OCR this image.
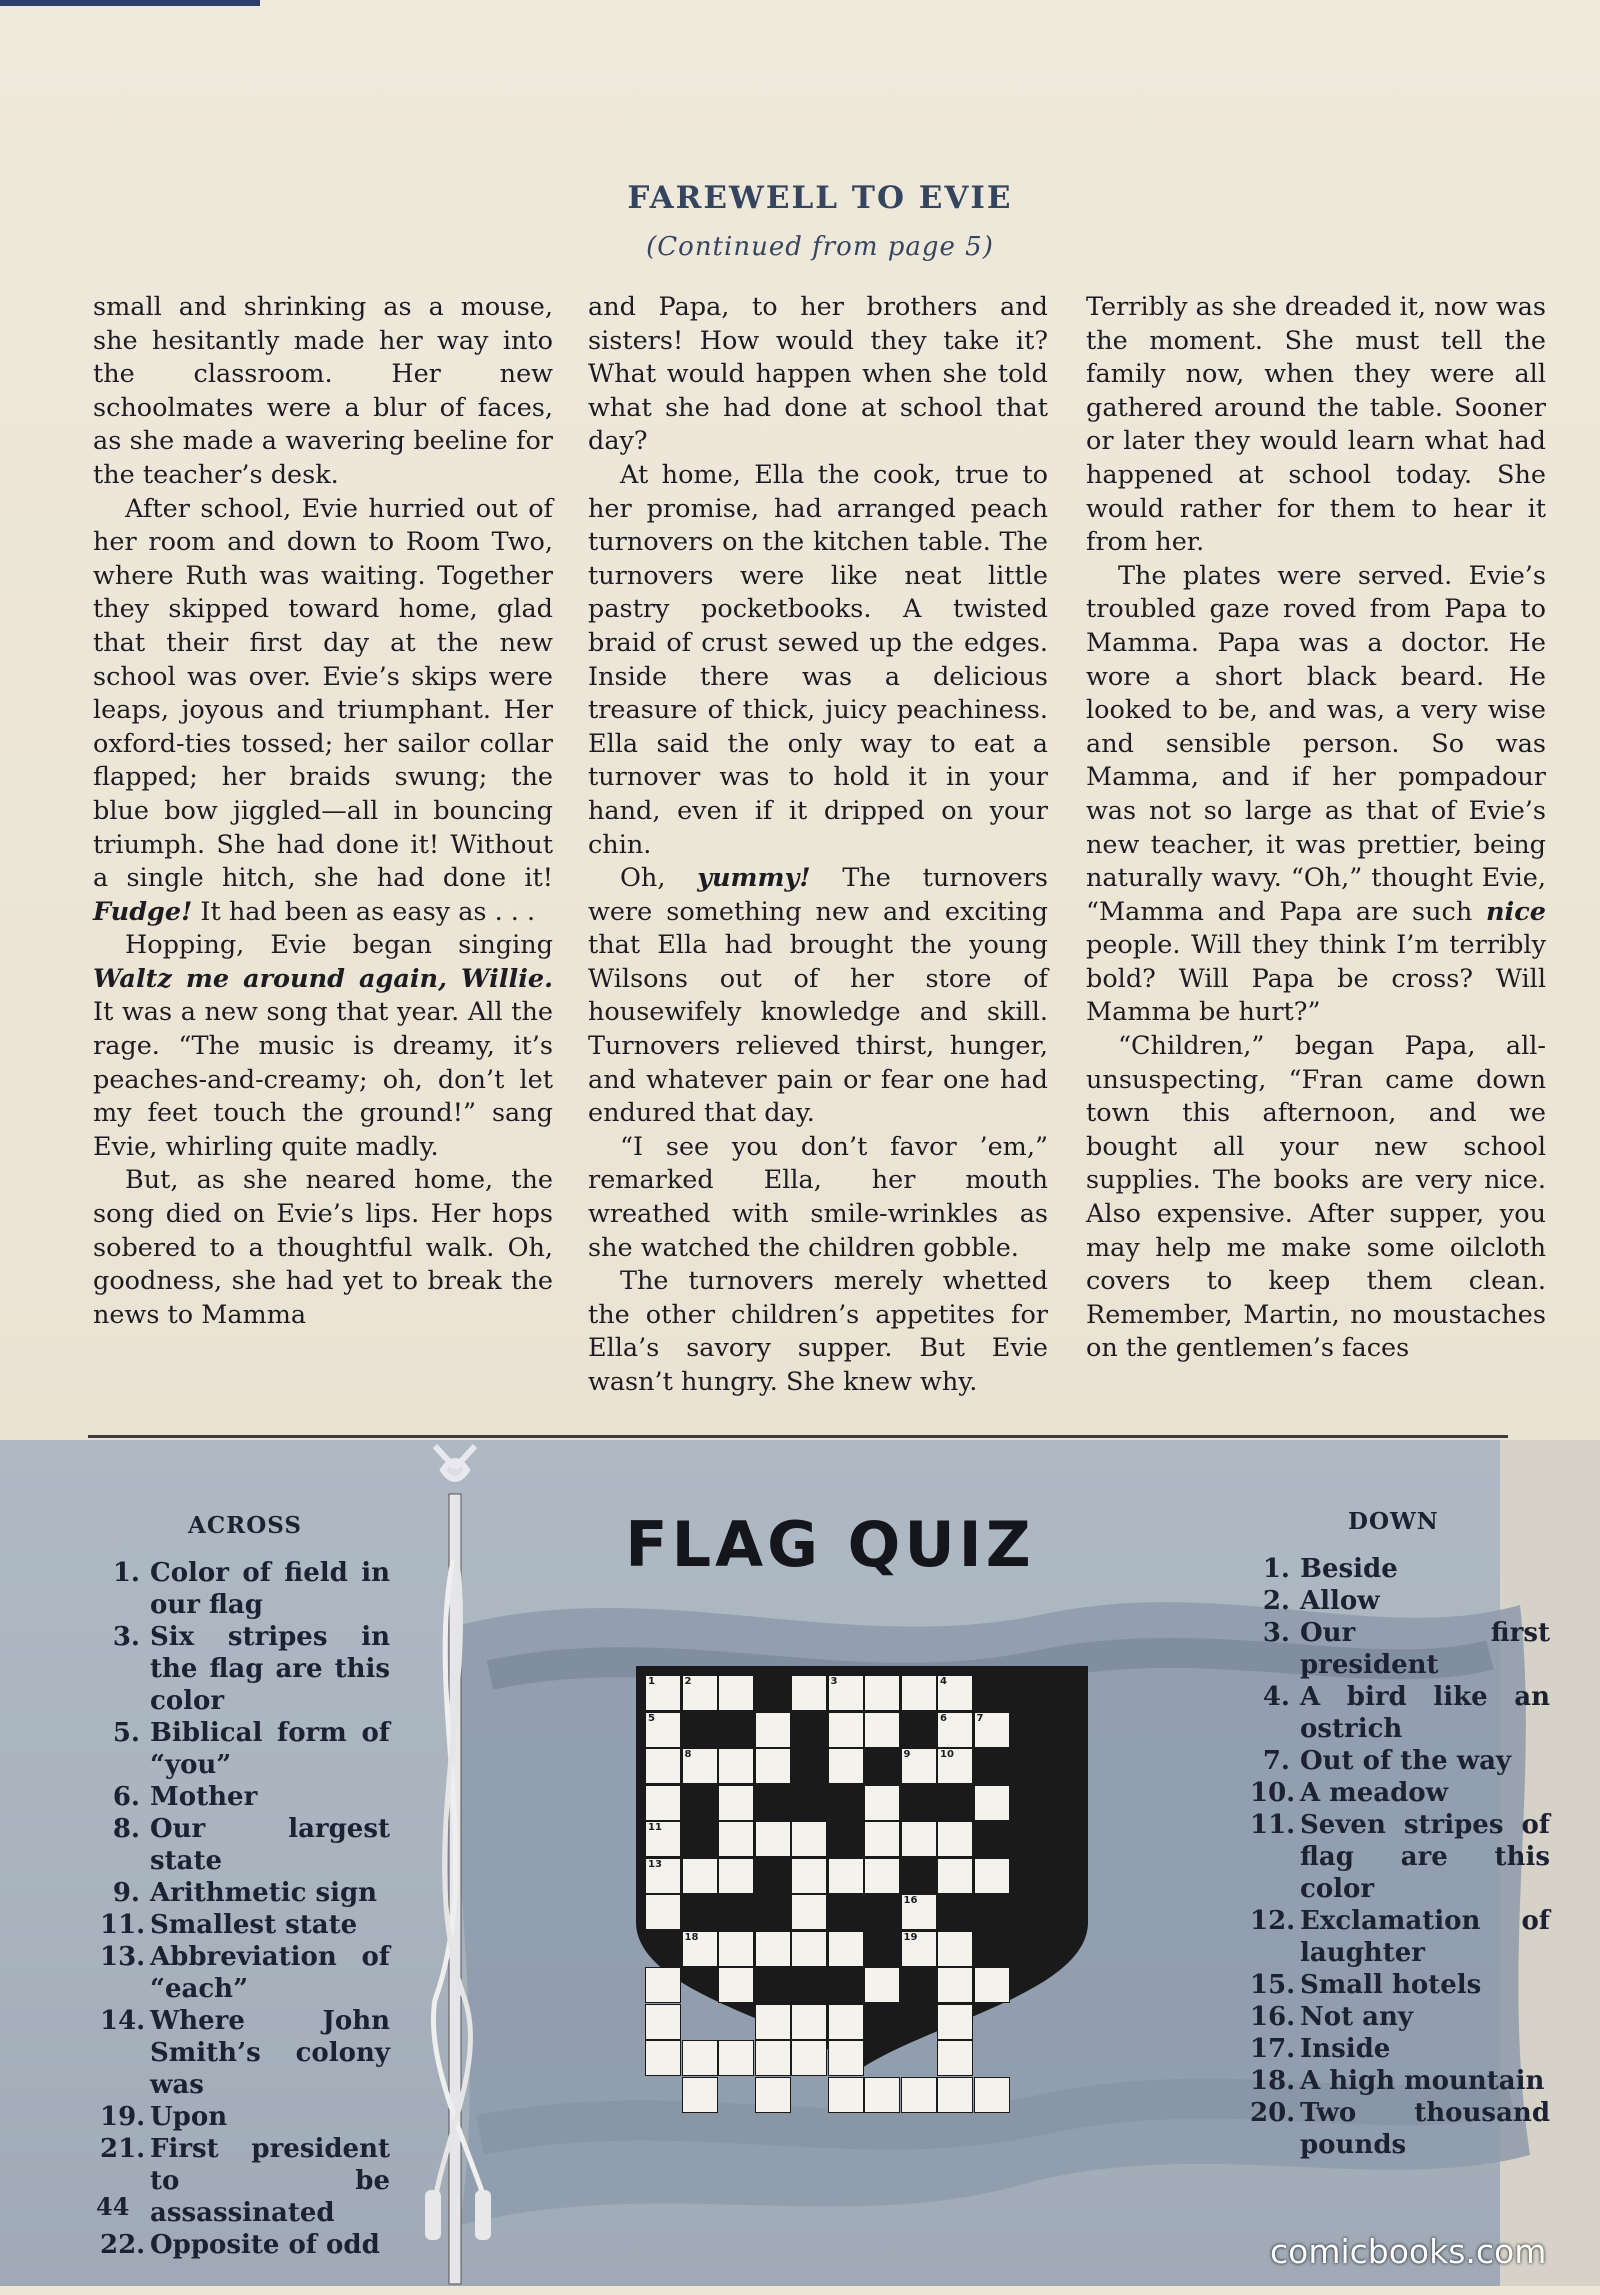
FAREWELL TO EVIE
(Continued from page 5)

small and shrinking as a mouse, she hesitantly made her way into the classroom. Her new schoolmates were a blur of faces, as she made a wavering beeline for the teacher’s desk.

After school, Evie hurried out of her room and down to Room Two, where Ruth was waiting. Together they skipped toward home, glad that their first day at the new school was over. Evie’s skips were leaps, joyous and triumphant. Her oxford-ties tossed; her sailor collar flapped; her braids swung; the blue bow jiggled—all in bouncing triumph. She had done it! Without a single hitch, she had done it! Fudge! It had been as easy as . . .

Hopping, Evie began singing Waltz me around again, Willie. It was a new song that year. All the rage. “The music is dreamy, it’s peaches-and-creamy; oh, don’t let my feet touch the ground!” sang Evie, whirling quite madly.

But, as she neared home, the song died on Evie’s lips. Her hops sobered to a thoughtful walk. Oh, goodness, she had yet to break the news to Mamma

and Papa, to her brothers and sisters! How would they take it? What would happen when she told what she had done at school that day?

At home, Ella the cook, true to her promise, had arranged peach turnovers on the kitchen table. The turnovers were like neat little pastry pocketbooks. A twisted braid of crust sewed up the edges. Inside there was a delicious treasure of thick, juicy peachiness. Ella said the only way to eat a turnover was to hold it in your hand, even if it dripped on your chin.

Oh, yummy! The turnovers were something new and exciting that Ella had brought the young Wilsons out of her store of housewifely knowledge and skill. Turnovers relieved thirst, hunger, and whatever pain or fear one had endured that day.

“I see you don’t favor ’em,” remarked Ella, her mouth wreathed with smile-wrinkles as she watched the children gobble.

The turnovers merely whetted the other children’s appetites for Ella’s savory supper. But Evie wasn’t hungry. She knew why.

Terribly as she dreaded it, now was the moment. She must tell the family now, when they were all gathered around the table. Sooner or later they would learn what had happened at school today. She would rather for them to hear it from her.

The plates were served. Evie’s troubled gaze roved from Papa to Mamma. Papa was a doctor. He wore a short black beard. He looked to be, and was, a very wise and sensible person. So was Mamma, and if her pompadour was not so large as that of Evie’s new teacher, it was prettier, being naturally wavy. “Oh,” thought Evie, “Mamma and Papa are such nice people. Will they think I’m terribly bold? Will Papa be cross? Will Mamma be hurt?”

“Children,” began Papa, all-unsuspecting, “Fran came down town this afternoon, and we bought all your new school supplies. The books are very nice. Also expensive. After supper, you may help me make some oilcloth covers to keep them clean. Remember, Martin, no moustaches on the gentlemen’s faces

FLAG QUIZ
ACROSS
1. Color of field in our flag
3. Six stripes in the flag are this color
5. Biblical form of “you”
6. Mother
8. Our largest state
9. Arithmetic sign
11. Smallest state
13. Abbreviation of “each”
14. Where John Smith’s colony was
19. Upon
21. First president to be assassinated
22. Opposite of odd
DOWN
1. Beside
2. Allow
3. Our first president
4. A bird like an ostrich
7. Out of the way
10. A meadow
11. Seven stripes of flag are this color
12. Exclamation of laughter
15. Small hotels
16. Not any
17. Inside
18. A high mountain
20. Two thousand pounds
1	2	3	4
5	6	7
8	9	10
11
13
16
18	19
44
comicbooks.com
